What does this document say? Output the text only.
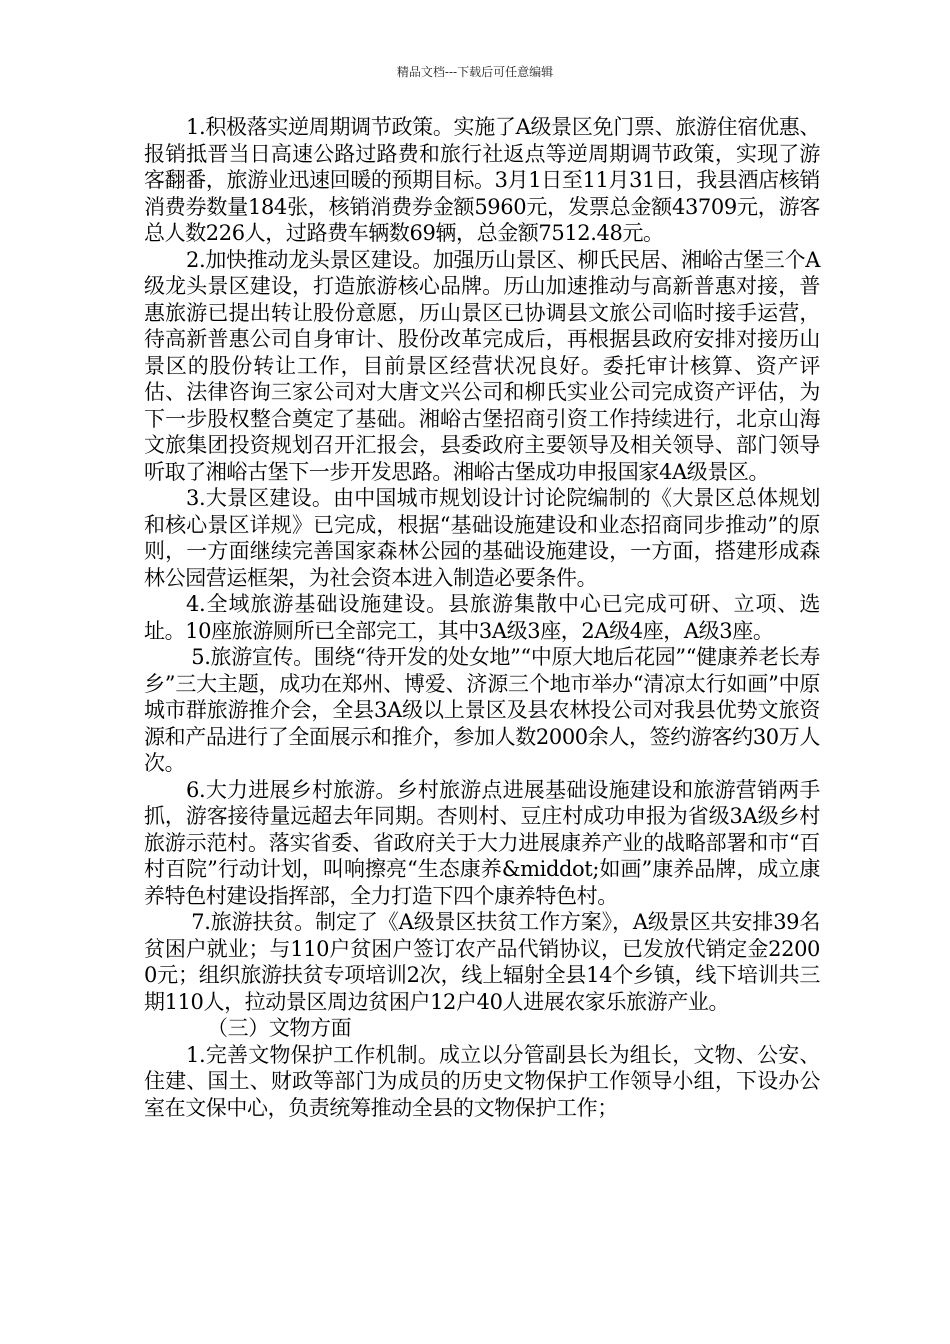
精品文档---下载后可任意编辑

1.积极落实逆周期调节政策。实施了A级景区免门票、旅游住宿优惠、报销抵晋当日高速公路过路费和旅行社返点等逆周期调节政策，实现了游客翻番，旅游业迅速回暖的预期目标。3月1日至11月31日，我县酒店核销消费券数量184张，核销消费券金额5960元，发票总金额43709元，游客总人数226人，过路费车辆数69辆，总金额7512.48元。

2.加快推动龙头景区建设。加强历山景区、柳氏民居、湘峪古堡三个A级龙头景区建设，打造旅游核心品牌。历山加速推动与高新普惠对接，普惠旅游已提出转让股份意愿，历山景区已协调县文旅公司临时接手运营，待高新普惠公司自身审计、股份改革完成后，再根据县政府安排对接历山景区的股份转让工作，目前景区经营状况良好。委托审计核算、资产评估、法律咨询三家公司对大唐文兴公司和柳氏实业公司完成资产评估，为下一步股权整合奠定了基础。湘峪古堡招商引资工作持续进行，北京山海文旅集团投资规划召开汇报会，县委政府主要领导及相关领导、部门领导听取了湘峪古堡下一步开发思路。湘峪古堡成功申报国家4A级景区。

3.大景区建设。由中国城市规划设计讨论院编制的《大景区总体规划和核心景区详规》已完成，根据“基础设施建设和业态招商同步推动”的原则，一方面继续完善国家森林公园的基础设施建设，一方面，搭建形成森林公园营运框架，为社会资本进入制造必要条件。

4.全域旅游基础设施建设。县旅游集散中心已完成可研、立项、选址。10座旅游厕所已全部完工，其中3A级3座，2A级4座，A级3座。

5.旅游宣传。围绕“待开发的处女地”“中原大地后花园”“健康养老长寿乡”三大主题，成功在郑州、博爱、济源三个地市举办“清凉太行如画”中原城市群旅游推介会，全县3A级以上景区及县农林投公司对我县优势文旅资源和产品进行了全面展示和推介，参加人数2000余人，签约游客约30万人次。

6.大力进展乡村旅游。乡村旅游点进展基础设施建设和旅游营销两手抓，游客接待量远超去年同期。杏则村、豆庄村成功申报为省级3A级乡村旅游示范村。落实省委、省政府关于大力进展康养产业的战略部署和市“百村百院”行动计划，叫响擦亮“生态康养&middot;如画”康养品牌，成立康养特色村建设指挥部，全力打造下四个康养特色村。

7.旅游扶贫。制定了《A级景区扶贫工作方案》，A级景区共安排39名贫困户就业；与110户贫困户签订农产品代销协议，已发放代销定金22000元；组织旅游扶贫专项培训2次，线上辐射全县14个乡镇，线下培训共三期110人，拉动景区周边贫困户12户40人进展农家乐旅游产业。

（三）文物方面

1.完善文物保护工作机制。成立以分管副县长为组长，文物、公安、住建、国土、财政等部门为成员的历史文物保护工作领导小组，下设办公室在文保中心，负责统筹推动全县的文物保护工作；
